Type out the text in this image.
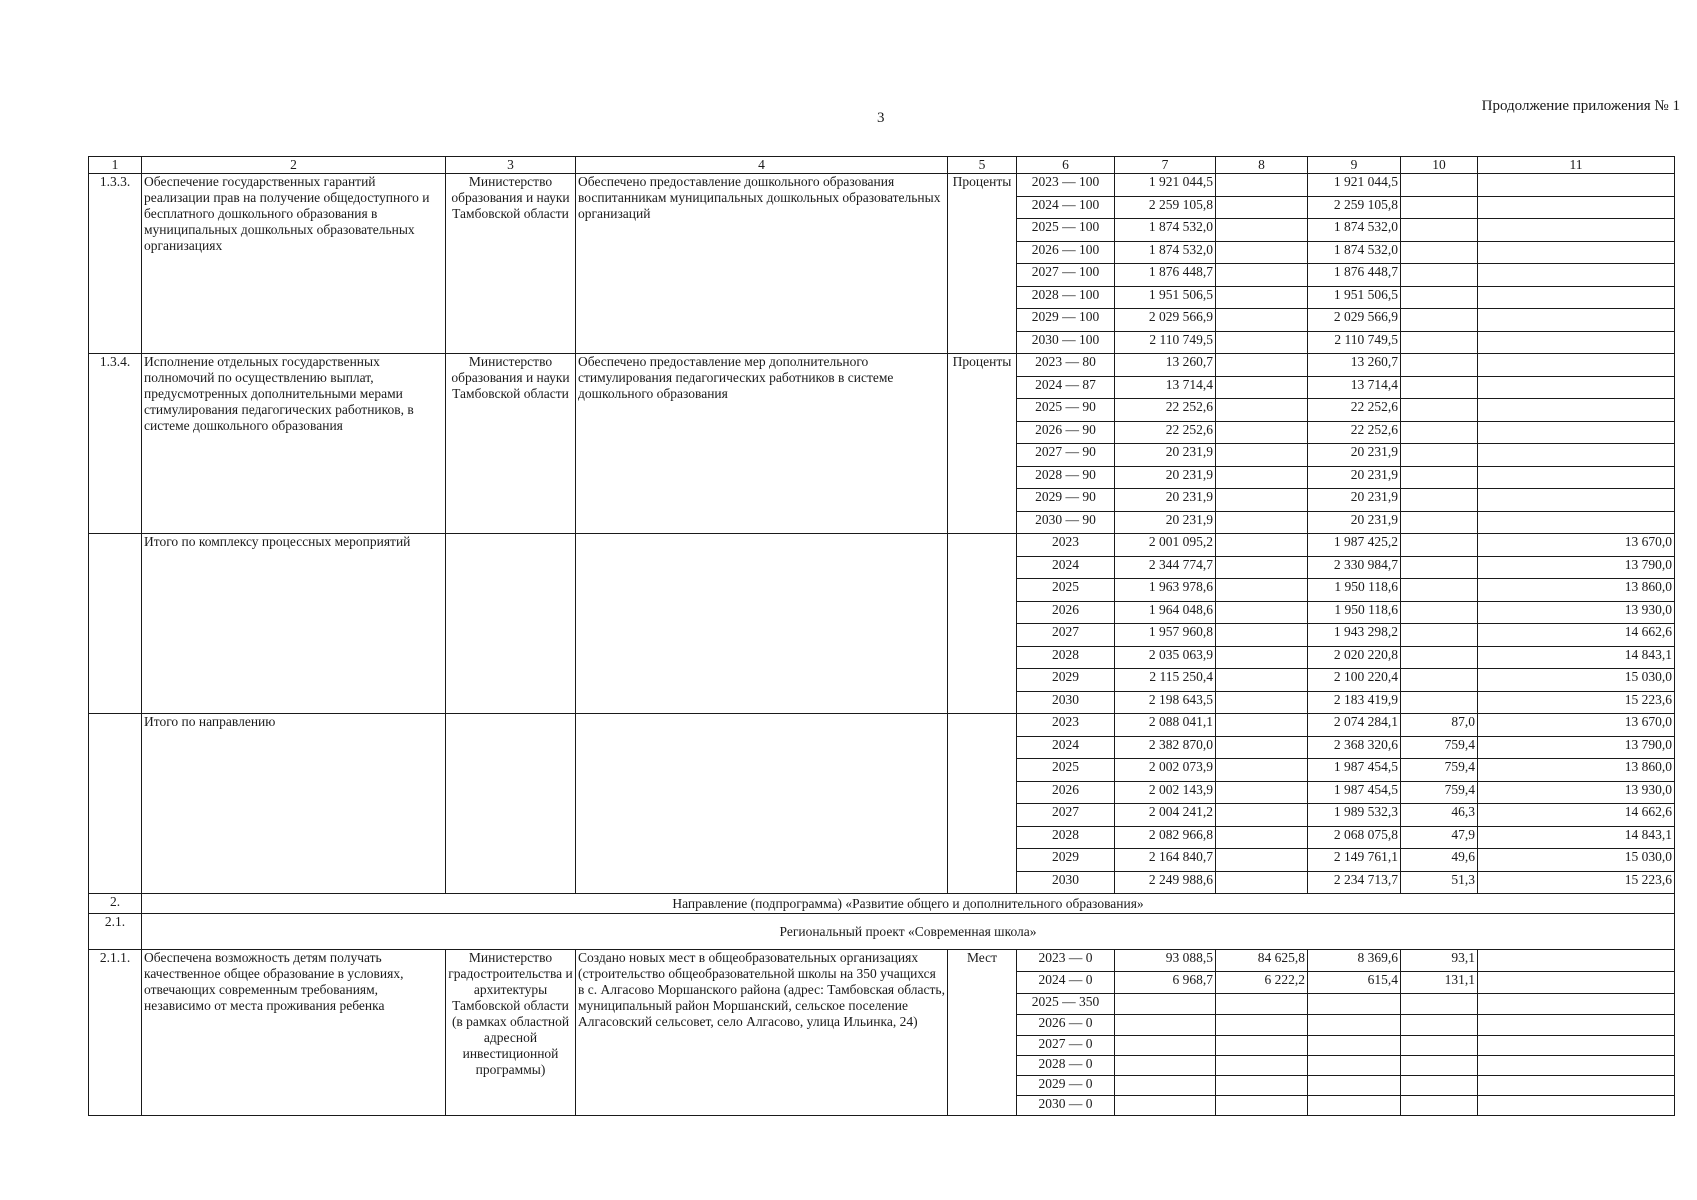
3
Продолжение приложения № 1
1	2	3	4	5	6	7	8	9	10	11
1.3.3.	Обеспечение государственных гарантий реализации прав на получение общедоступного и бесплатного дошкольного образования в муниципальных дошкольных образовательных организациях	Министерство образования и науки Тамбовской области	Обеспечено предоставление дошкольного образования воспитанникам муниципальных дошкольных образовательных организаций	Проценты	2023 — 100	1 921 044,5		1 921 044,5		
					2024 — 100	2 259 105,8		2 259 105,8		
					2025 — 100	1 874 532,0		1 874 532,0		
					2026 — 100	1 874 532,0		1 874 532,0		
					2027 — 100	1 876 448,7		1 876 448,7		
					2028 — 100	1 951 506,5		1 951 506,5		
					2029 — 100	2 029 566,9		2 029 566,9		
					2030 — 100	2 110 749,5		2 110 749,5		
1.3.4.	Исполнение отдельных государственных полномочий по осуществлению выплат, предусмотренных дополнительными мерами стимулирования педагогических работников, в системе дошкольного образования	Министерство образования и науки Тамбовской области	Обеспечено предоставление мер дополнительного стимулирования педагогических работников в системе дошкольного образования	Проценты	2023 — 80	13 260,7		13 260,7		
					2024 — 87	13 714,4		13 714,4		
					2025 — 90	22 252,6		22 252,6		
					2026 — 90	22 252,6		22 252,6		
					2027 — 90	20 231,9		20 231,9		
					2028 — 90	20 231,9		20 231,9		
					2029 — 90	20 231,9		20 231,9		
					2030 — 90	20 231,9		20 231,9		
	Итого по комплексу процессных мероприятий				2023	2 001 095,2		1 987 425,2		13 670,0
					2024	2 344 774,7		2 330 984,7		13 790,0
					2025	1 963 978,6		1 950 118,6		13 860,0
					2026	1 964 048,6		1 950 118,6		13 930,0
					2027	1 957 960,8		1 943 298,2		14 662,6
					2028	2 035 063,9		2 020 220,8		14 843,1
					2029	2 115 250,4		2 100 220,4		15 030,0
					2030	2 198 643,5		2 183 419,9		15 223,6
	Итого по направлению				2023	2 088 041,1		2 074 284,1	87,0	13 670,0
					2024	2 382 870,0		2 368 320,6	759,4	13 790,0
					2025	2 002 073,9		1 987 454,5	759,4	13 860,0
					2026	2 002 143,9		1 987 454,5	759,4	13 930,0
					2027	2 004 241,2		1 989 532,3	46,3	14 662,6
					2028	2 082 966,8		2 068 075,8	47,9	14 843,1
					2029	2 164 840,7		2 149 761,1	49,6	15 030,0
					2030	2 249 988,6		2 234 713,7	51,3	15 223,6
2.	Направление (подпрограмма) «Развитие общего и дополнительного образования»									
2.1.	Региональный проект «Современная школа»									
2.1.1.	Обеспечена возможность детям получать качественное общее образование в условиях, отвечающих современным требованиям, независимо от места проживания ребенка	Министерство градостроительства и архитектуры Тамбовской области (в рамках областной адресной инвестиционной программы)	Создано новых мест в общеобразовательных организациях (строительство общеобразовательной школы на 350 учащихся в с. Алгасово Моршанского района (адрес: Тамбовская область, муниципальный район Моршанский, сельское поселение Алгасовский сельсовет, село Алгасово, улица Ильинка, 24)	Мест	2023 — 0	93 088,5	84 625,8	8 369,6	93,1	
					2024 — 0	6 968,7	6 222,2	615,4	131,1	
					2025 — 350					
					2026 — 0					
					2027 — 0					
					2028 — 0					
					2029 — 0					
					2030 — 0					
